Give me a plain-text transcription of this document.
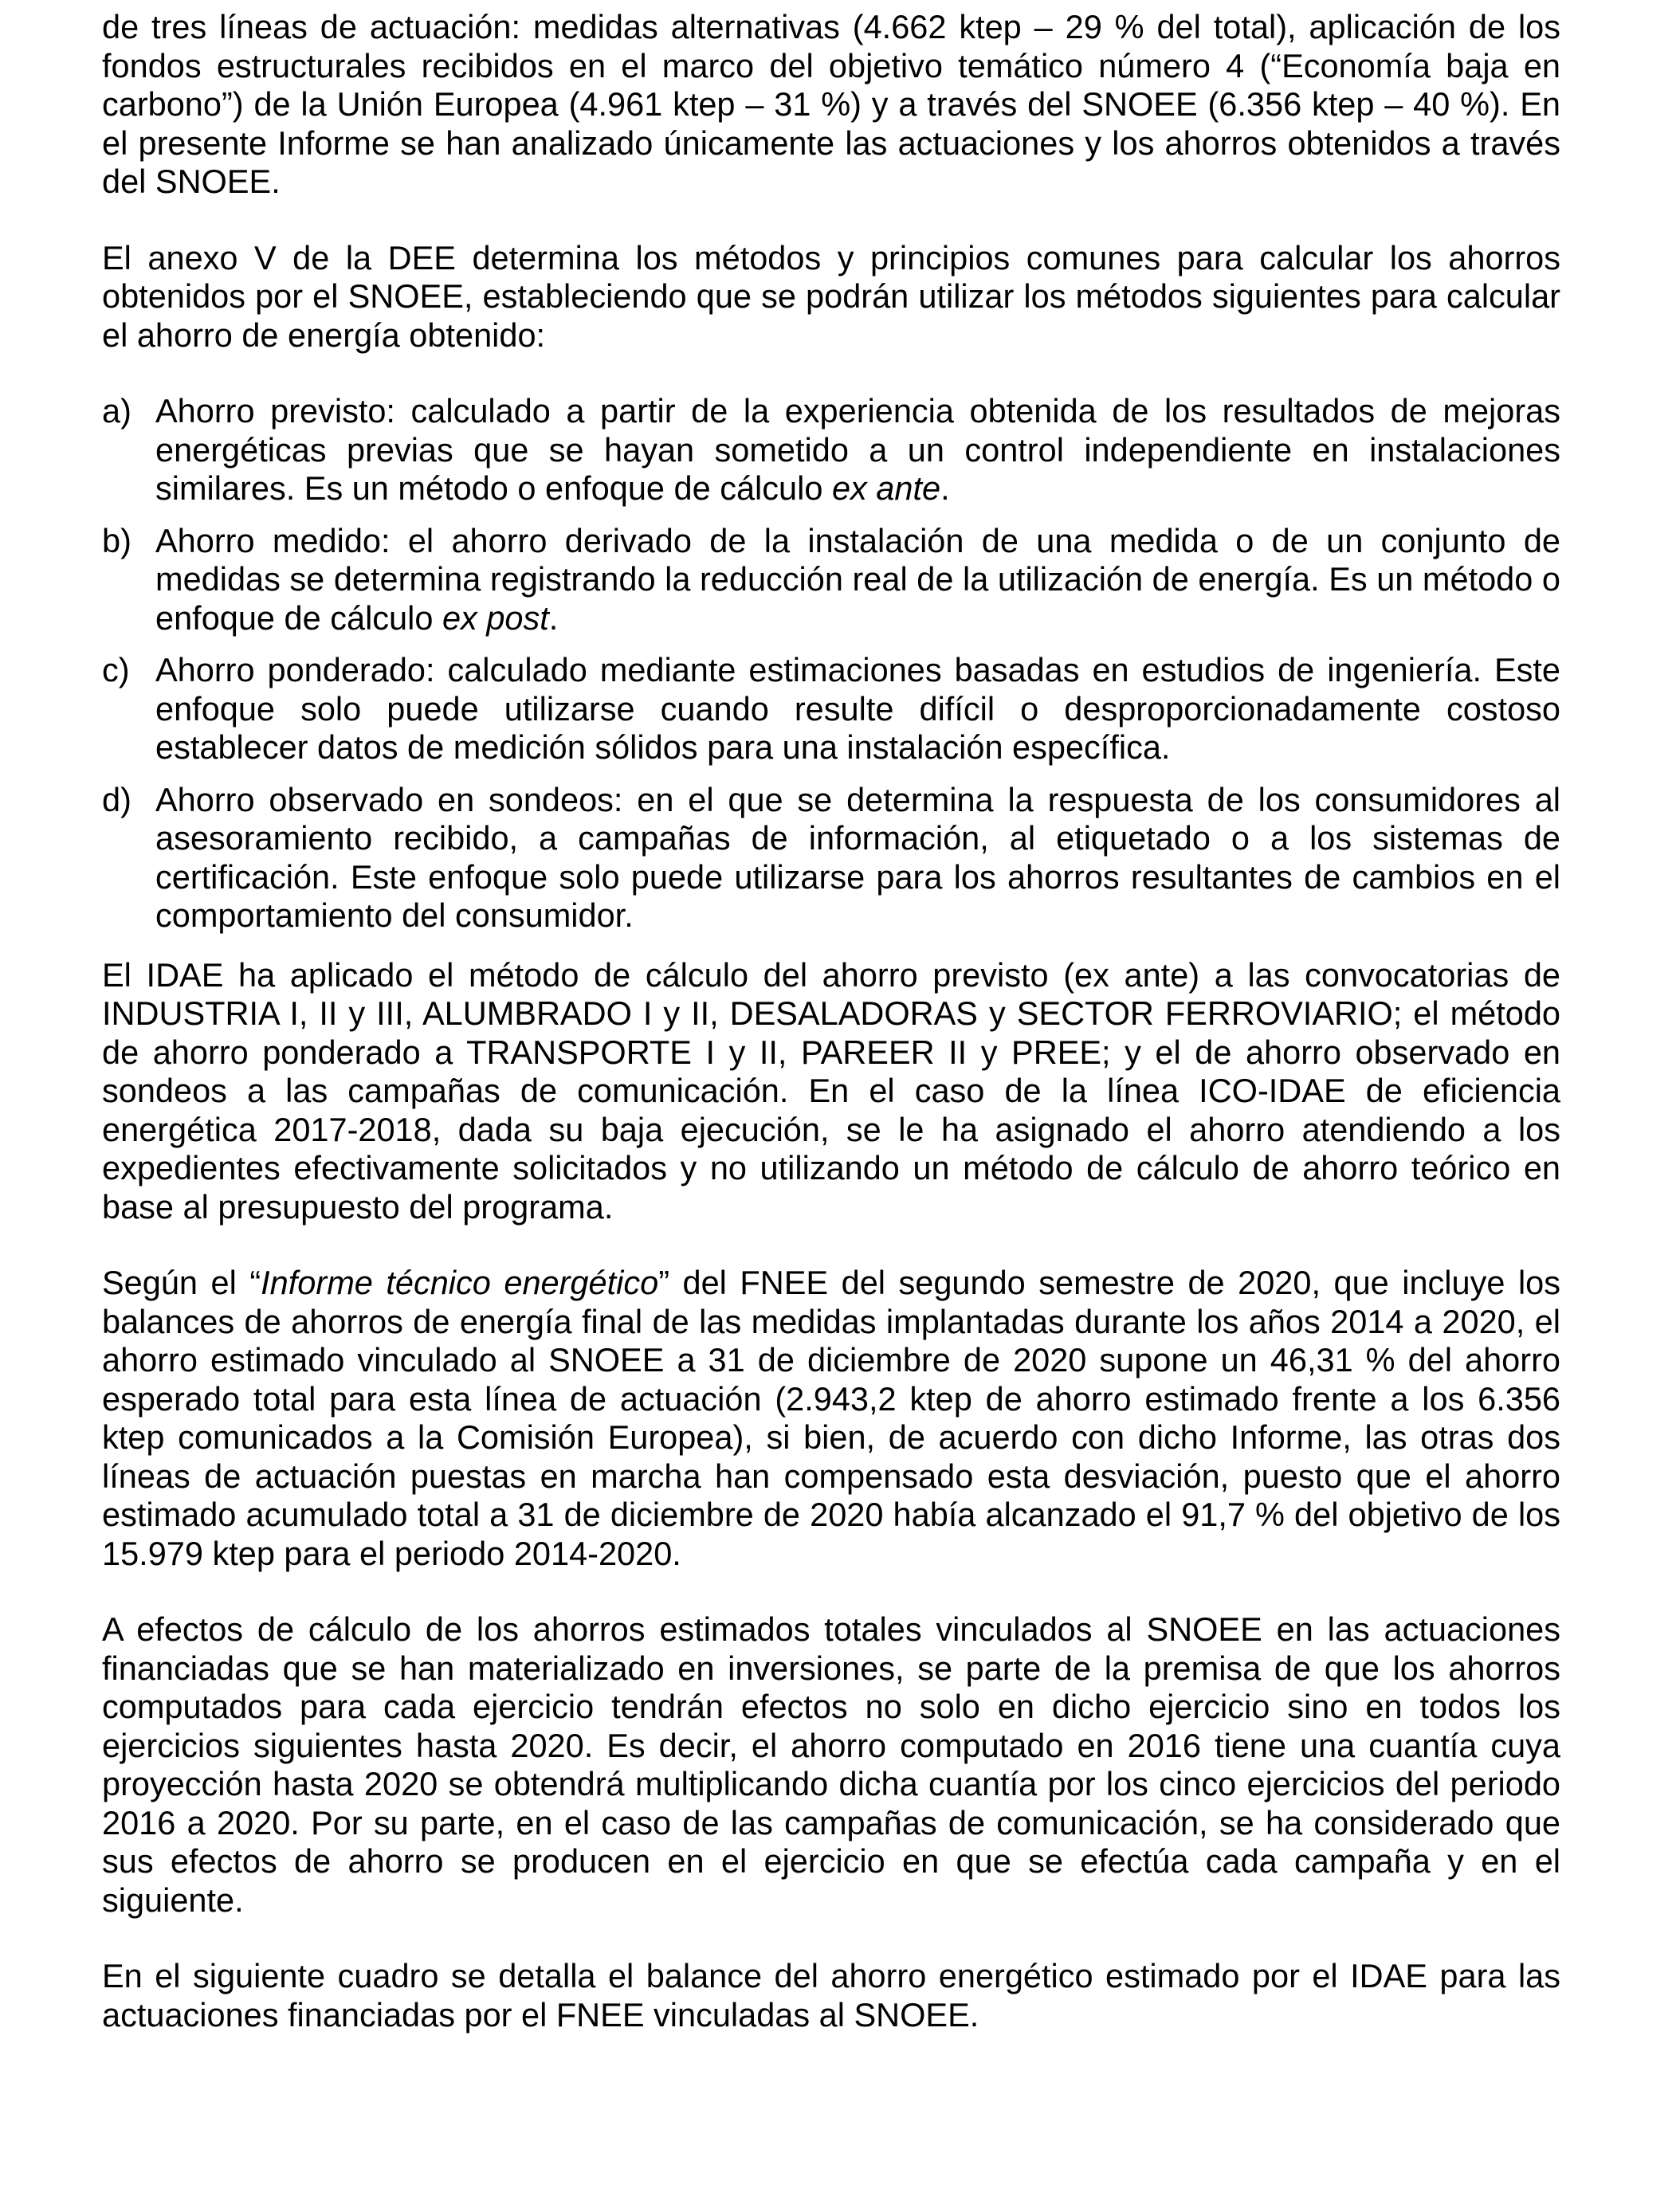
de tres líneas de actuación: medidas alternativas (4.662 ktep – 29 % del total), aplicación de los fondos estructurales recibidos en el marco del objetivo temático número 4 (“Economía baja en carbono”) de la Unión Europea (4.961 ktep – 31 %) y a través del SNOEE (6.356 ktep – 40 %). En el presente Informe se han analizado únicamente las actuaciones y los ahorros obtenidos a través del SNOEE.

El anexo V de la DEE determina los métodos y principios comunes para calcular los ahorros obtenidos por el SNOEE, estableciendo que se podrán utilizar los métodos siguientes para calcular el ahorro de energía obtenido:

a) Ahorro previsto: calculado a partir de la experiencia obtenida de los resultados de mejoras energéticas previas que se hayan sometido a un control independiente en instalaciones similares. Es un método o enfoque de cálculo ex ante.
b) Ahorro medido: el ahorro derivado de la instalación de una medida o de un conjunto de medidas se determina registrando la reducción real de la utilización de energía. Es un método o enfoque de cálculo ex post.
c) Ahorro ponderado: calculado mediante estimaciones basadas en estudios de ingeniería. Este enfoque solo puede utilizarse cuando resulte difícil o desproporcionadamente costoso establecer datos de medición sólidos para una instalación específica.
d) Ahorro observado en sondeos: en el que se determina la respuesta de los consumidores al asesoramiento recibido, a campañas de información, al etiquetado o a los sistemas de certificación. Este enfoque solo puede utilizarse para los ahorros resultantes de cambios en el comportamiento del consumidor.

El IDAE ha aplicado el método de cálculo del ahorro previsto (ex ante) a las convocatorias de INDUSTRIA I, II y III, ALUMBRADO I y II, DESALADORAS y SECTOR FERROVIARIO; el método de ahorro ponderado a TRANSPORTE I y II, PAREER II y PREE; y el de ahorro observado en sondeos a las campañas de comunicación. En el caso de la línea ICO-IDAE de eficiencia energética 2017-2018, dada su baja ejecución, se le ha asignado el ahorro atendiendo a los expedientes efectivamente solicitados y no utilizando un método de cálculo de ahorro teórico en base al presupuesto del programa.

Según el “Informe técnico energético” del FNEE del segundo semestre de 2020, que incluye los balances de ahorros de energía final de las medidas implantadas durante los años 2014 a 2020, el ahorro estimado vinculado al SNOEE a 31 de diciembre de 2020 supone un 46,31 % del ahorro esperado total para esta línea de actuación (2.943,2 ktep de ahorro estimado frente a los 6.356 ktep comunicados a la Comisión Europea), si bien, de acuerdo con dicho Informe, las otras dos líneas de actuación puestas en marcha han compensado esta desviación, puesto que el ahorro estimado acumulado total a 31 de diciembre de 2020 había alcanzado el 91,7 % del objetivo de los 15.979 ktep para el periodo 2014-2020.

A efectos de cálculo de los ahorros estimados totales vinculados al SNOEE en las actuaciones financiadas que se han materializado en inversiones, se parte de la premisa de que los ahorros computados para cada ejercicio tendrán efectos no solo en dicho ejercicio sino en todos los ejercicios siguientes hasta 2020. Es decir, el ahorro computado en 2016 tiene una cuantía cuya proyección hasta 2020 se obtendrá multiplicando dicha cuantía por los cinco ejercicios del periodo 2016 a 2020. Por su parte, en el caso de las campañas de comunicación, se ha considerado que sus efectos de ahorro se producen en el ejercicio en que se efectúa cada campaña y en el siguiente.

En el siguiente cuadro se detalla el balance del ahorro energético estimado por el IDAE para las actuaciones financiadas por el FNEE vinculadas al SNOEE.
